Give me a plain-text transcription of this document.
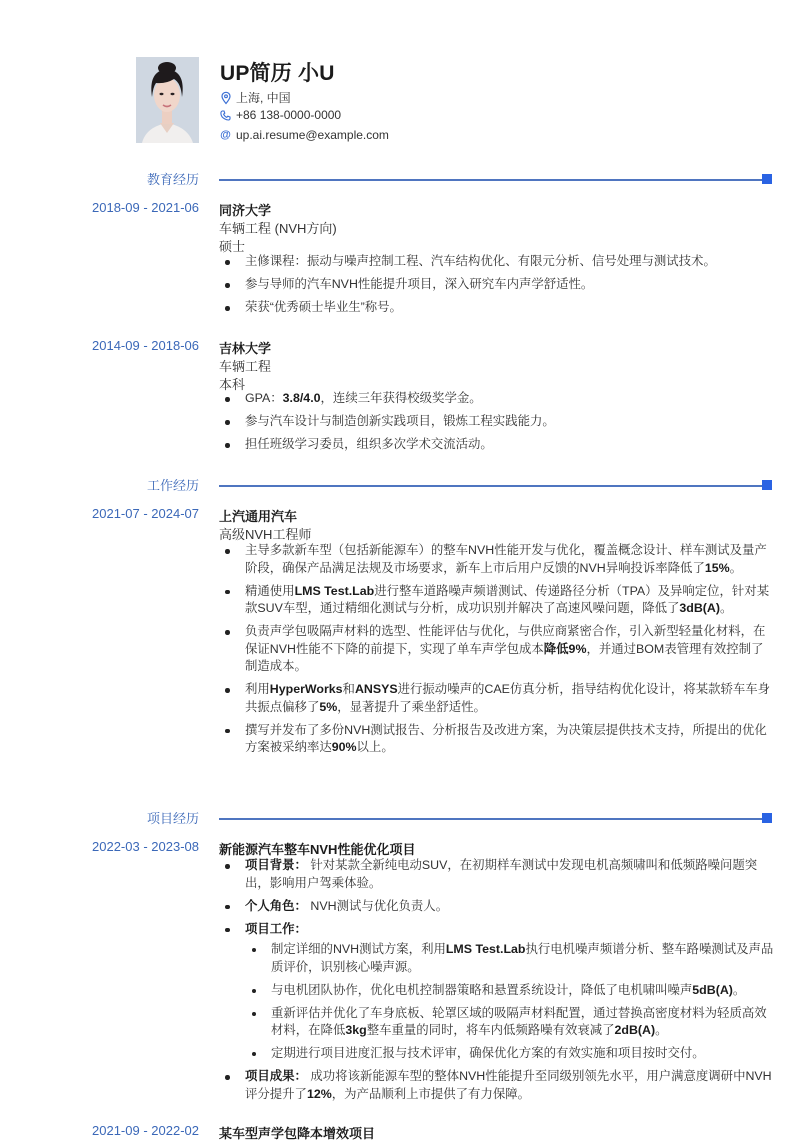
UP简历 小U
上海, 中国
+86 138-0000-0000
@ up.ai.resume@example.com
教育经历
2018-09 - 2021-06 同济大学
车辆工程 (NVH方向)
硕士
主修课程：振动与噪声控制工程、汽车结构优化、有限元分析、信号处理与测试技术。
参与导师的汽车NVH性能提升项目，深入研究车内声学舒适性。
荣获“优秀硕士毕业生”称号。
2014-09 - 2018-06 吉林大学
车辆工程
本科
GPA：3.8/4.0，连续三年获得校级奖学金。
参与汽车设计与制造创新实践项目，锻炼工程实践能力。
担任班级学习委员，组织多次学术交流活动。
工作经历
2021-07 - 2024-07 上汽通用汽车
高级NVH工程师
主导多款新车型（包括新能源车）的整车NVH性能开发与优化，覆盖概念设计、样车测试及量产阶段，确保产品满足法规及市场要求，新车上市后用户反馈的NVH异响投诉率降低了15%。
精通使用LMS Test.Lab进行整车道路噪声频谱测试、传递路径分析（TPA）及异响定位，针对某款SUV车型，通过精细化测试与分析，成功识别并解决了高速风噪问题，降低了3dB(A)。
负责声学包吸隔声材料的选型、性能评估与优化，与供应商紧密合作，引入新型轻量化材料，在保证NVH性能不下降的前提下，实现了单车声学包成本降低9%，并通过BOM表管理有效控制了制造成本。
利用HyperWorks和ANSYS进行振动噪声的CAE仿真分析，指导结构优化设计，将某款轿车车身共振点偏移了5%，显著提升了乘坐舒适性。
撰写并发布了多份NVH测试报告、分析报告及改进方案，为决策层提供技术支持，所提出的优化方案被采纳率达90%以上。
项目经历
2022-03 - 2023-08 新能源汽车整车NVH性能优化项目
项目背景： 针对某款全新纯电动SUV，在初期样车测试中发现电机高频啸叫和低频路噪问题突出，影响用户驾乘体验。
个人角色： NVH测试与优化负责人。
项目工作：
制定详细的NVH测试方案，利用LMS Test.Lab执行电机噪声频谱分析、整车路噪测试及声品质评价，识别核心噪声源。
与电机团队协作，优化电机控制器策略和悬置系统设计，降低了电机啸叫噪声5dB(A)。
重新评估并优化了车身底板、轮罩区域的吸隔声材料配置，通过替换高密度材料为轻质高效材料，在降低3kg整车重量的同时，将车内低频路噪有效衰减了2dB(A)。
定期进行项目进度汇报与技术评审，确保优化方案的有效实施和项目按时交付。
项目成果： 成功将该新能源车型的整体NVH性能提升至同级别领先水平，用户满意度调研中NVH评分提升了12%，为产品顺利上市提供了有力保障。
2021-09 - 2022-02 某车型声学包降本增效项目
